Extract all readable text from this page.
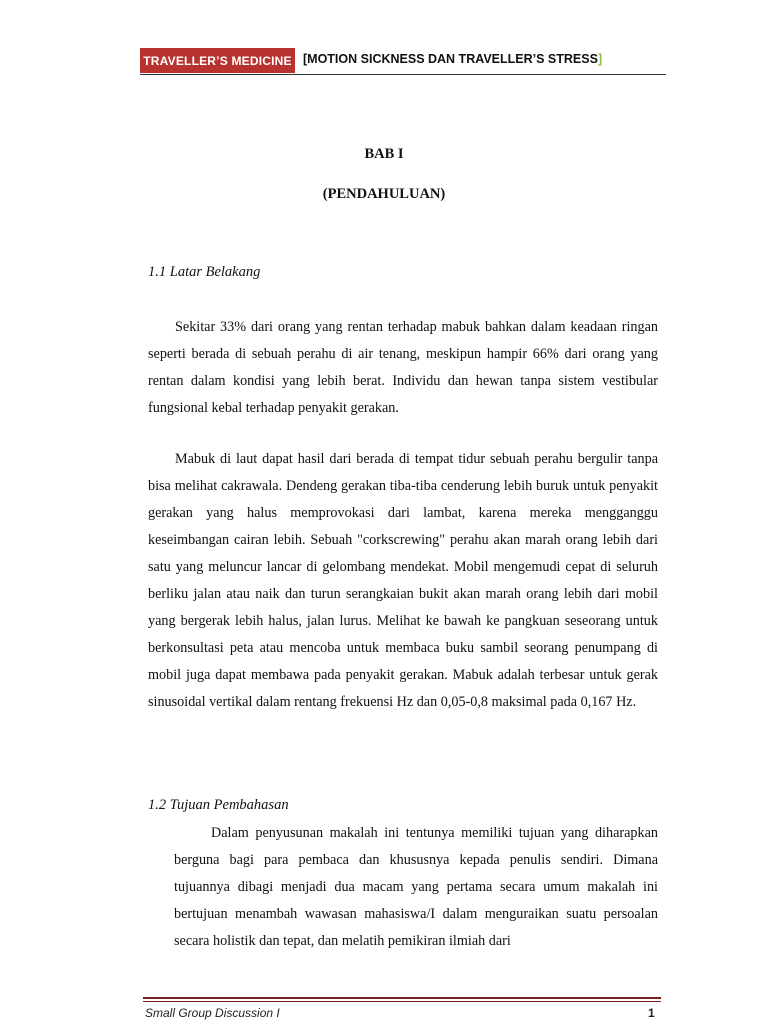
TRAVELLER’S MEDICINE [MOTION SICKNESS DAN TRAVELLER’S STRESS]
BAB I
(PENDAHULUAN)
1.1 Latar Belakang

Sekitar 33% dari orang yang rentan terhadap mabuk bahkan dalam keadaan ringan seperti berada di sebuah perahu di air tenang, meskipun hampir 66% dari orang yang rentan dalam kondisi yang lebih berat. Individu dan hewan tanpa sistem vestibular fungsional kebal terhadap penyakit gerakan.

Mabuk di laut dapat hasil dari berada di tempat tidur sebuah perahu bergulir tanpa bisa melihat cakrawala. Dendeng gerakan tiba-tiba cenderung lebih buruk untuk penyakit gerakan yang halus memprovokasi dari lambat, karena mereka mengganggu keseimbangan cairan lebih. Sebuah "corkscrewing" perahu akan marah orang lebih dari satu yang meluncur lancar di gelombang mendekat. Mobil mengemudi cepat di seluruh berliku jalan atau naik dan turun serangkaian bukit akan marah orang lebih dari mobil yang bergerak lebih halus, jalan lurus. Melihat ke bawah ke pangkuan seseorang untuk berkonsultasi peta atau mencoba untuk membaca buku sambil seorang penumpang di mobil juga dapat membawa pada penyakit gerakan. Mabuk adalah terbesar untuk gerak sinusoidal vertikal dalam rentang frekuensi Hz dan 0,05-0,8 maksimal pada 0,167 Hz.

1.2 Tujuan Pembahasan

Dalam penyusunan makalah ini tentunya memiliki tujuan yang diharapkan berguna bagi para pembaca dan khususnya kepada penulis sendiri. Dimana tujuannya dibagi menjadi dua macam yang pertama secara umum makalah ini bertujuan menambah wawasan mahasiswa/I dalam menguraikan suatu persoalan secara holistik dan tepat, dan melatih pemikiran ilmiah dari

Small Group Discussion I	1
